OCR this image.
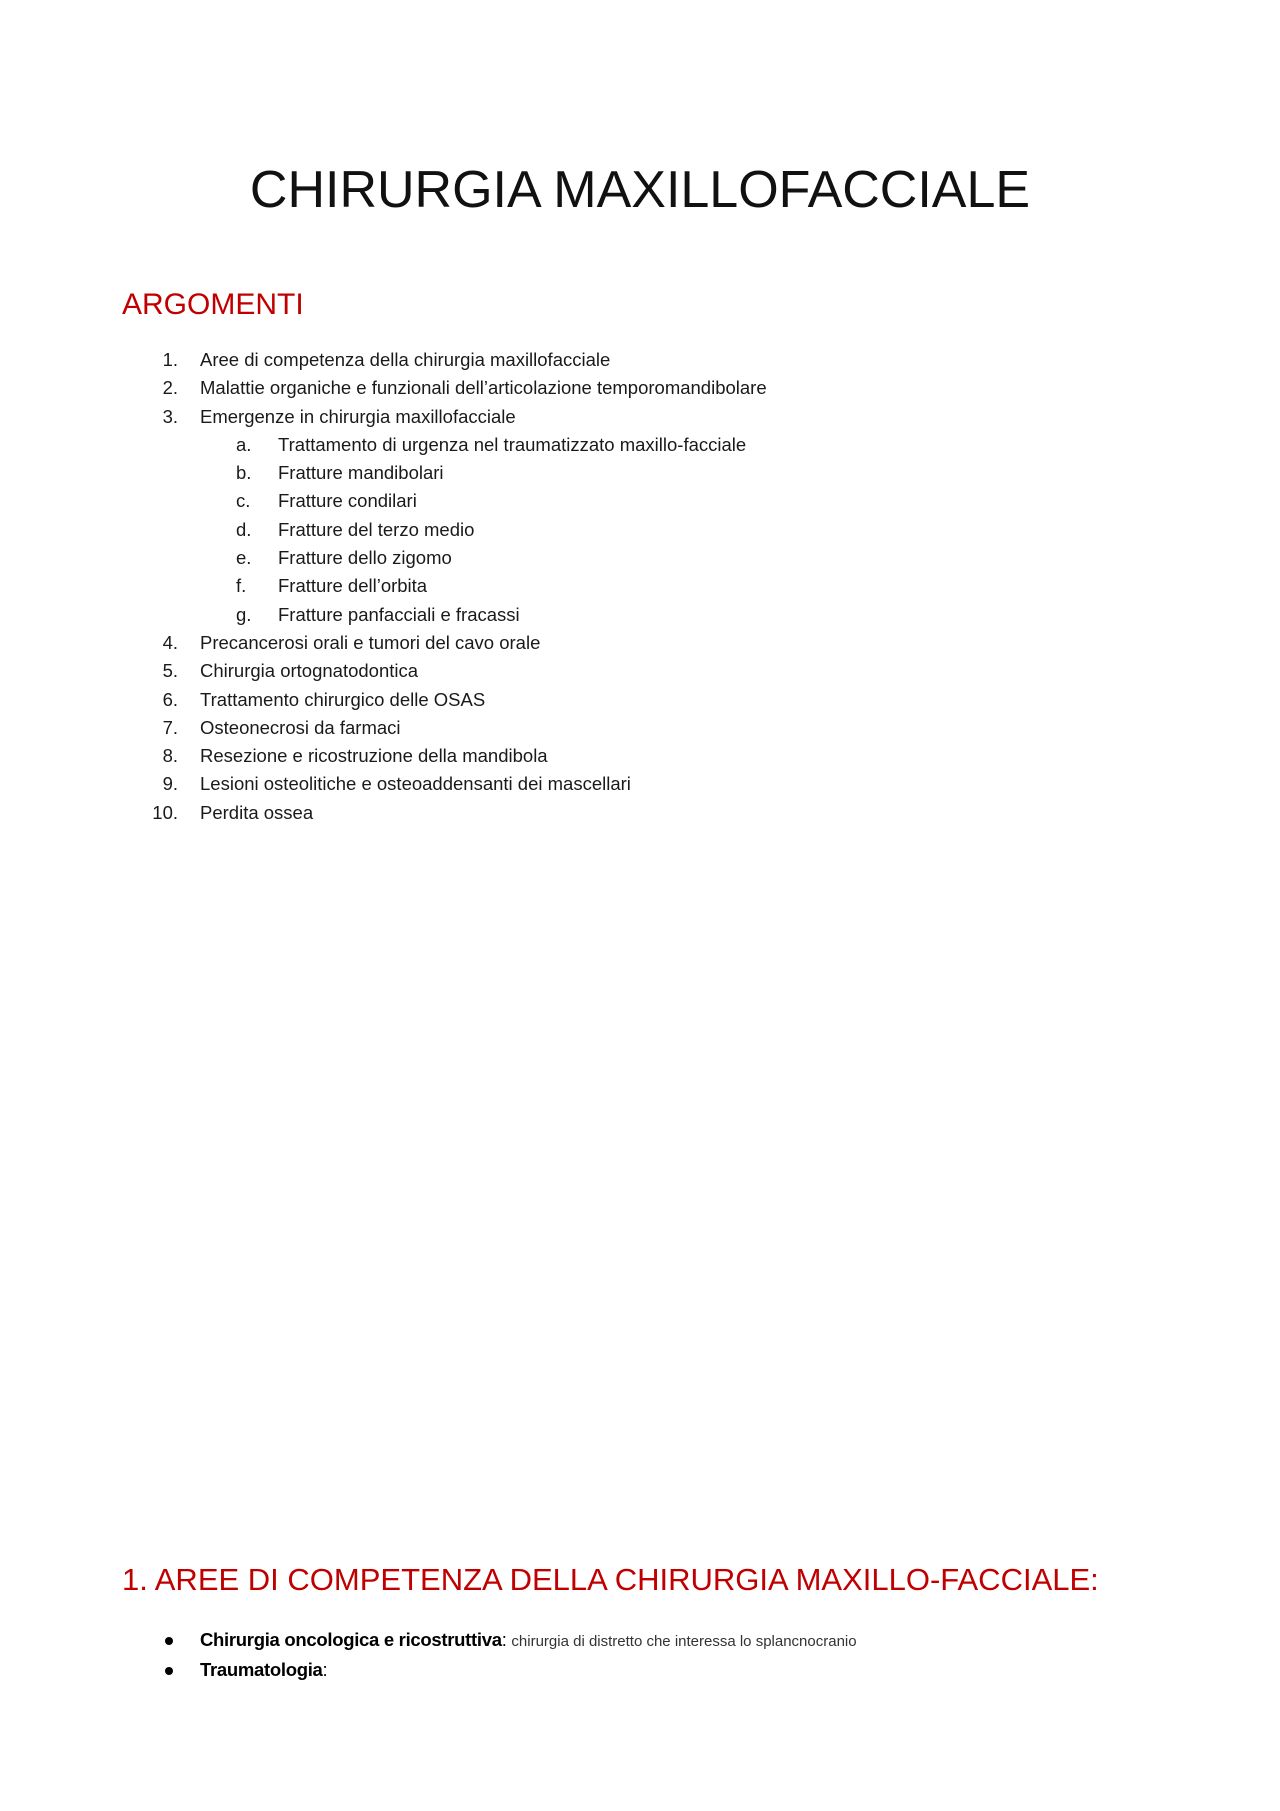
CHIRURGIA MAXILLOFACCIALE
ARGOMENTI
1. Aree di competenza della chirurgia maxillofacciale
2. Malattie organiche e funzionali dell’articolazione temporomandibolare
3. Emergenze in chirurgia maxillofacciale
a. Trattamento di urgenza nel traumatizzato maxillo-facciale
b. Fratture mandibolari
c.	Fratture condilari
d. Fratture del terzo medio
e. Fratture dello zigomo
f.	Fratture dell’orbita
g. Fratture panfacciali e fracassi
4. Precancerosi orali e tumori del cavo orale
5. Chirurgia ortognatodontica
6. Trattamento chirurgico delle OSAS
7. Osteonecrosi da farmaci
8. Resezione e ricostruzione della mandibola
9. Lesioni osteolitiche e osteoaddensanti dei mascellari
10. Perdita ossea
1. AREE DI COMPETENZA DELLA CHIRURGIA MAXILLO-FACCIALE:
Chirurgia oncologica e ricostruttiva: chirurgia di distretto che interessa lo splancnocranio
Traumatologia:
